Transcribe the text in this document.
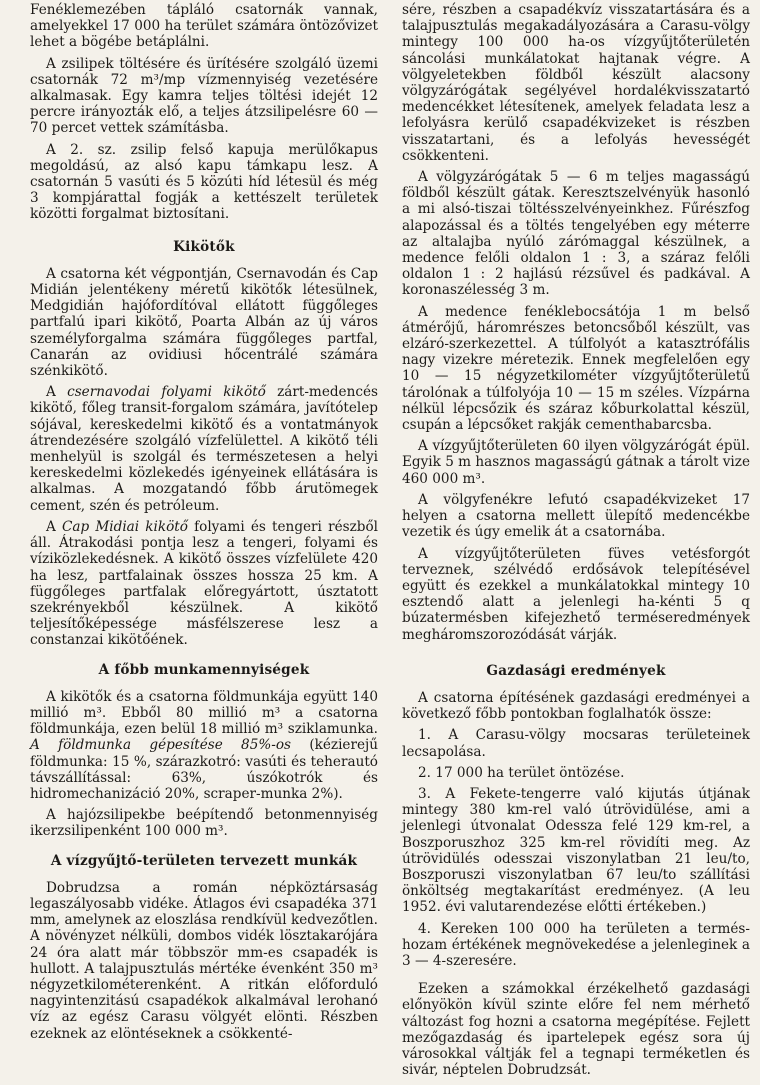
Fenéklemezében tápláló csatornák vannak, amelyekkel 17 000 ha terület számára öntözővizet lehet a bögébe betáplálni.

A zsilipek töltésére és ürítésére szolgáló üzemi csatornák 72 m³/mp vízmennyiség vezetésére alkalmasak. Egy kamra teljes töltési idejét 12 percre irányozták elő, a teljes átzsilipelésre 60 — 70 percet vettek számításba.

A 2. sz. zsilip felső kapuja merülőkapus megoldású, az alsó kapu támkapu lesz. A csatornán 5 vasúti és 5 közúti híd létesül és még 3 kompjárattal fogják a kettészelt területek közötti forgalmat biztosítani.

Kikötők

A csatorna két végpontján, Csernavodán és Cap Midián jelentékeny méretű kikötők létesülnek, Medgidián hajófordítóval ellátott függőleges partfalú ipari kikötő, Poarta Albán az új város személyforgalma számára függőleges partfal, Canarán az ovidiusi hőcentrálé számára szénkikötő.

A csernavodai folyami kikötő zárt-medencés kikötő, főleg transit-forgalom számára, javítótelep sójával, kereskedelmi kikötő és a vontatmányok átrendezésére szolgáló vízfelülettel. A kikötő téli menhelyül is szolgál és természetesen a helyi kereskedelmi közlekedés igényeinek ellátására is alkalmas. A mozgatandó főbb árutömegek cement, szén és petróleum.

A Cap Midiai kikötő folyami és tengeri részből áll. Átrakodási pontja lesz a tengeri, folyami és víziközlekedésnek. A kikötő összes vízfelülete 420 ha lesz, partfalainak összes hossza 25 km. A függőleges partfalak előregyártott, úsztatott szekrényekből készülnek. A kikötő teljesítőképessége másfélszerese lesz a constanzai kikötőének.

A főbb munkamennyiségek

A kikötők és a csatorna földmunkája együtt 140 millió m³. Ebből 80 millió m³ a csatorna földmunkája, ezen belül 18 millió m³ sziklamunka. A földmunka gépesítése 85%-os (kézierejű földmunka: 15 %, szárazkotró: vasúti és teherautó távszállítással: 63%, úszókotrók és hidromechanizáció 20%, scraper-munka 2%).

A hajózsilipekbe beépítendő betonmennyiség ikerzsilipenként 100 000 m³.

A vízgyűjtő-területen tervezett munkák

Dobrudzsa a román népköztársaság legaszályosabb vidéke. Átlagos évi csapadéka 371 mm, amelynek az eloszlása rendkívül kedvezőtlen. A növényzet nélküli, dombos vidék lösztakarójára 24 óra alatt már többször mm-es csapadék is hullott. A talajpusztulás mértéke évenként 350 m³ négyzetkilométerenként. A ritkán előforduló nagyintenzitású csapadékok alkalmával lerohanó víz az egész Carasu völgyét elönti. Részben ezeknek az elöntéseknek a csökkenté-

sére, részben a csapadékvíz visszatartására és a talajpusztulás megakadályozására a Carasu-völgy mintegy 100 000 ha-os vízgyűjtőterületén sáncolási munkálatokat hajtanak végre. A völgyeletekben földből készült alacsony völgyzárógátak segélyével hordalékvisszatartó medencékket létesítenek, amelyek feladata lesz a lefolyásra kerülő csapadékvizeket is részben visszatartani, és a lefolyás hevességét csökkenteni.

A völgyzárógátak 5 — 6 m teljes magasságú földből készült gátak. Keresztszelvényük hasonló a mi alsó-tiszai töltésszelvényeinkhez. Fűrészfog alapozással és a töltés tengelyében egy méterre az altalajba nyúló zárómaggal készülnek, a medence felőli oldalon 1 : 3, a száraz felőli oldalon 1 : 2 hajlású rézsűvel és padkával. A koronaszélesség 3 m.

A medence fenéklebocsátója 1 m belső átmérőjű, háromrészes betoncsőből készült, vas elzáró-szerkezettel. A túlfolyót a katasztrófális nagy vizekre méretezik. Ennek megfelelően egy 10 — 15 négyzetkilométer vízgyűjtőterületű tárolónak a túlfolyója 10 — 15 m széles. Vízpárna nélkül lépcsőzik és száraz kőburkolattal készül, csupán a lépcsőket rakják cementhabarcsba.

A vízgyűjtőterületen 60 ilyen völgyzárógát épül. Egyik 5 m hasznos magasságú gátnak a tárolt vize 460 000 m³.

A völgyfenékre lefutó csapadékvizeket 17 helyen a csatorna mellett ülepítő medencékbe vezetik és úgy emelik át a csatornába.

A vízgyűjtőterületen füves vetésforgót terveznek, szélvédő erdősávok telepítésével együtt és ezekkel a munkálatokkal mintegy 10 esztendő alatt a jelenlegi ha-kénti 5 q búzatermésben kifejezhető terméseredmények megháromszorozódását várják.

Gazdasági eredmények

A csatorna építésének gazdasági eredményei a következő főbb pontokban foglalhatók össze:

1. A Carasu-völgy mocsaras területeinek lecsapolása.

2. 17 000 ha terület öntözése.

3. A Fekete-tengerre való kijutás útjának mintegy 380 km-rel való útrövidülése, ami a jelenlegi útvonalat Odessza felé 129 km-rel, a Boszporuszhoz 325 km-rel rövidíti meg. Az útrövidülés odesszai viszonylatban 21 leu/to, Boszporuszi viszonylatban 67 leu/to szállítási önköltség megtakarítást eredményez. (A leu 1952. évi valutarendezése előtti értékeben.)

4. Kereken 100 000 ha területen a termés-hozam értékének megnövekedése a jelenleginek a 3 — 4-szeresére.

Ezeken a számokkal érzékelhető gazdasági előnyökön kívül szinte előre fel nem mérhető változást fog hozni a csatorna megépítése. Fejlett mezőgazdaság és ipartelepek egész sora új városokkal váltják fel a tegnapi terméketlen és sivár, néptelen Dobrudzsát.
